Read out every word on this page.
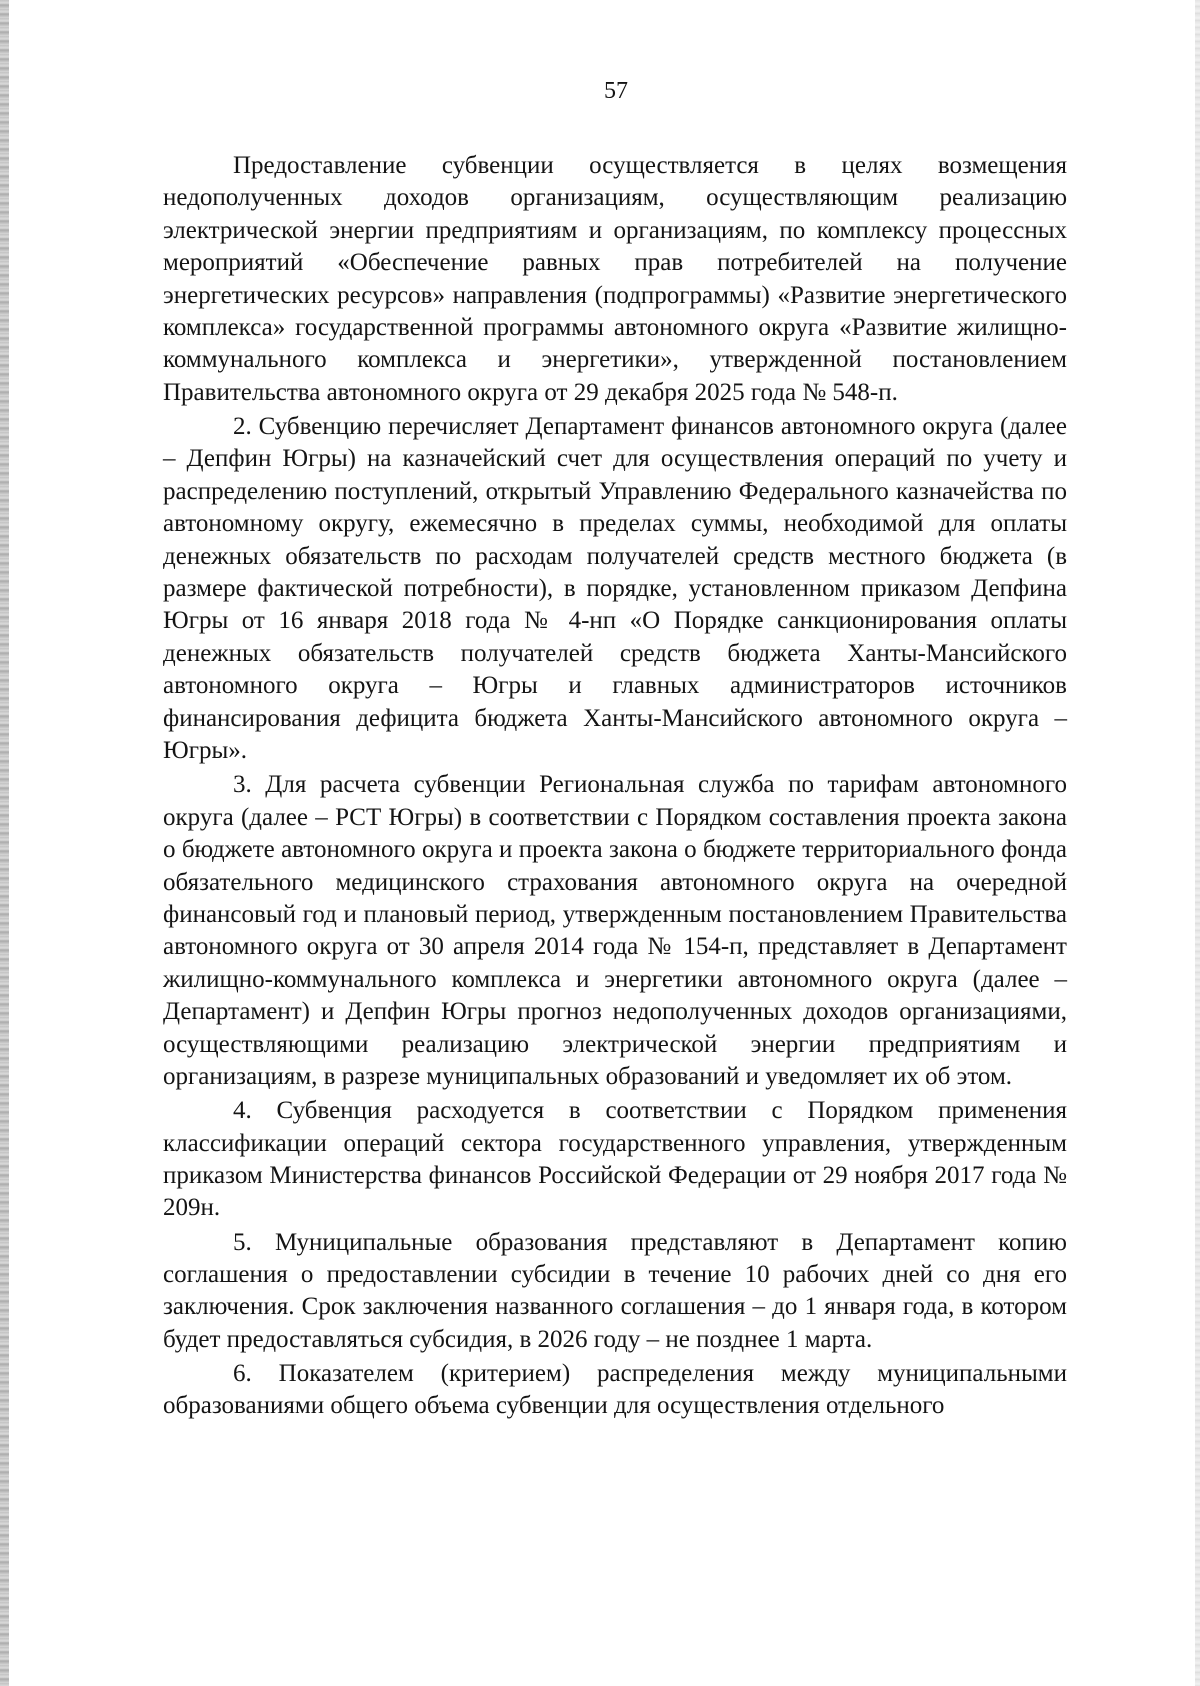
57

Предоставление субвенции осуществляется в целях возмещения недополученных доходов организациям, осуществляющим реализацию электрической энергии предприятиям и организациям, по комплексу процессных мероприятий «Обеспечение равных прав потребителей на получение энергетических ресурсов» направления (подпрограммы) «Развитие энергетического комплекса» государственной программы автономного округа «Развитие жилищно-коммунального комплекса и энергетики», утвержденной постановлением Правительства автономного округа от 29 декабря 2025 года № 548-п.

2. Субвенцию перечисляет Департамент финансов автономного округа (далее – Депфин Югры) на казначейский счет для осуществления операций по учету и распределению поступлений, открытый Управлению Федерального казначейства по автономному округу, ежемесячно в пределах суммы, необходимой для оплаты денежных обязательств по расходам получателей средств местного бюджета (в размере фактической потребности), в порядке, установленном приказом Депфина Югры от 16 января 2018 года № 4-нп «О Порядке санкционирования оплаты денежных обязательств получателей средств бюджета Ханты-Мансийского автономного округа – Югры и главных администраторов источников финансирования дефицита бюджета Ханты-Мансийского автономного округа – Югры».

3. Для расчета субвенции Региональная служба по тарифам автономного округа (далее – РСТ Югры) в соответствии с Порядком составления проекта закона о бюджете автономного округа и проекта закона о бюджете территориального фонда обязательного медицинского страхования автономного округа на очередной финансовый год и плановый период, утвержденным постановлением Правительства автономного округа от 30 апреля 2014 года № 154-п, представляет в Департамент жилищно-коммунального комплекса и энергетики автономного округа (далее – Департамент) и Депфин Югры прогноз недополученных доходов организациями, осуществляющими реализацию электрической энергии предприятиям и организациям, в разрезе муниципальных образований и уведомляет их об этом.

4. Субвенция расходуется в соответствии с Порядком применения классификации операций сектора государственного управления, утвержденным приказом Министерства финансов Российской Федерации от 29 ноября 2017 года № 209н.

5. Муниципальные образования представляют в Департамент копию соглашения о предоставлении субсидии в течение 10 рабочих дней со дня его заключения. Срок заключения названного соглашения – до 1 января года, в котором будет предоставляться субсидия, в 2026 году – не позднее 1 марта.

6. Показателем (критерием) распределения между муниципальными образованиями общего объема субвенции для осуществления отдельного
